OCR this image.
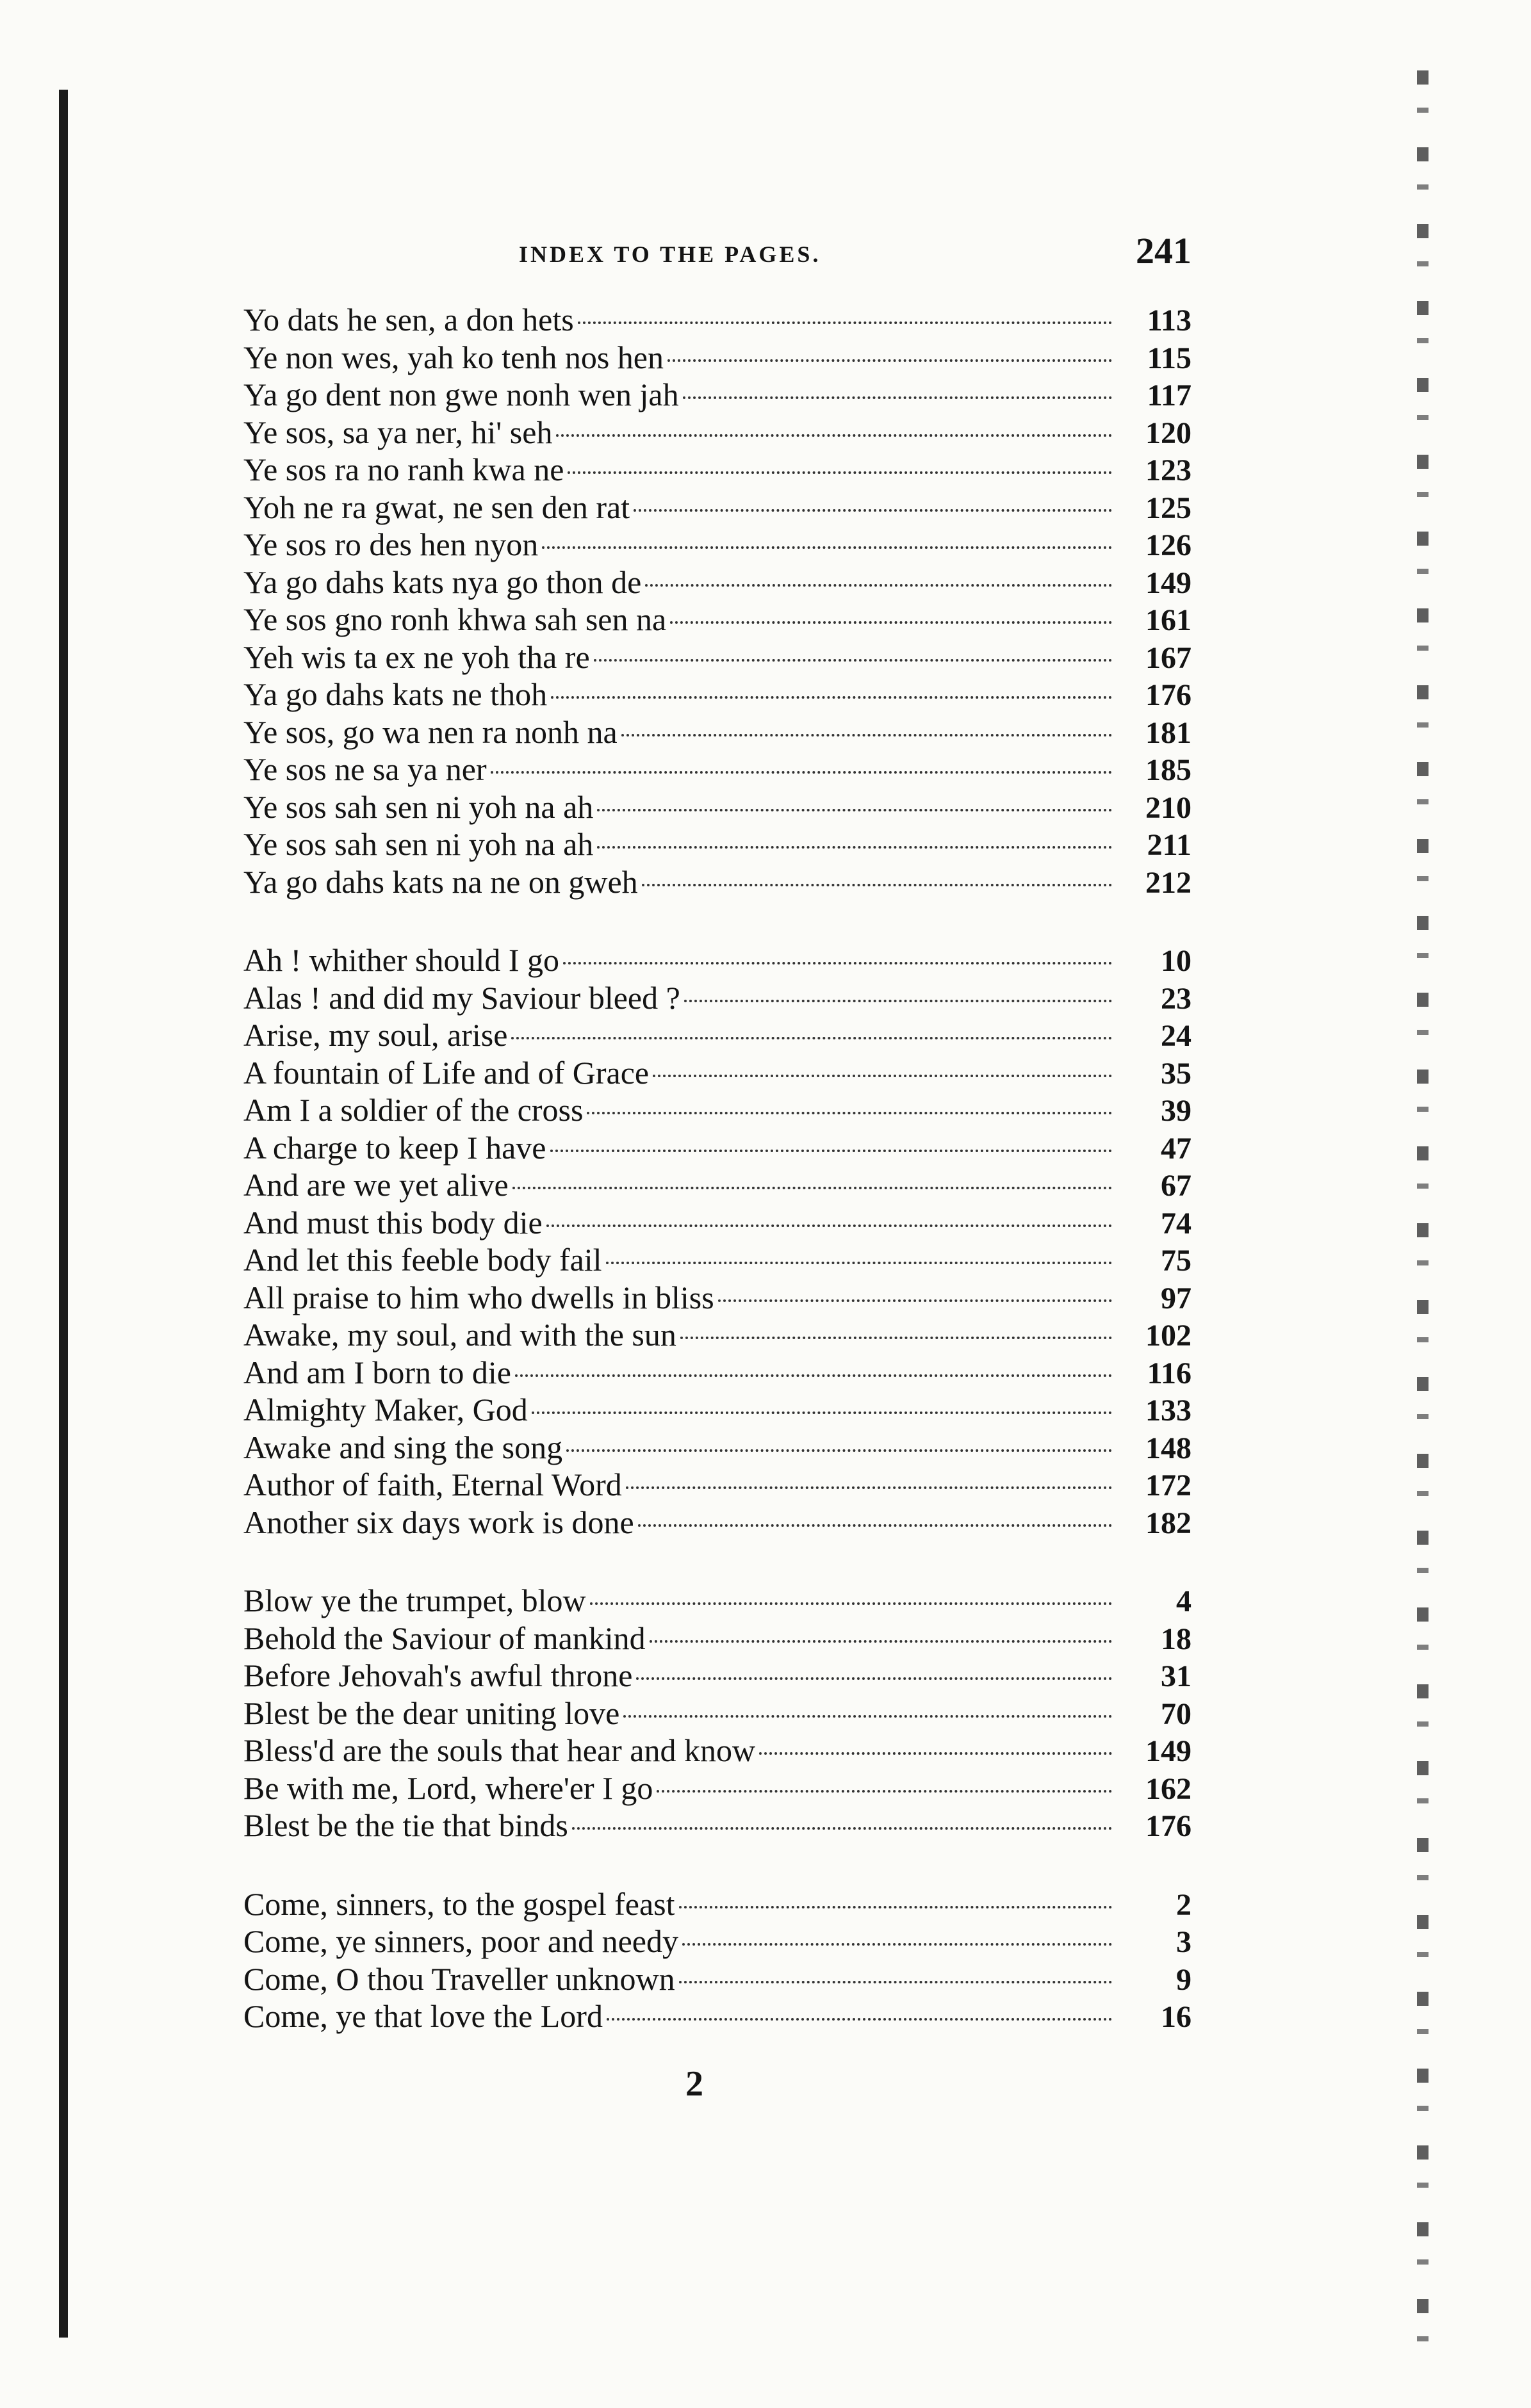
INDEX TO THE PAGES.	241
Yo dats he sen, a don hets	113
Ye non wes, yah ko tenh nos hen	115
Ya go dent non gwe nonh wen jah	117
Ye sos, sa ya ner, hi' seh	120
Ye sos ra no ranh kwa ne	123
Yoh ne ra gwat, ne sen den rat	125
Ye sos ro des hen nyon	126
Ya go dahs kats nya go thon de	149
Ye sos gno ronh khwa sah sen na	161
Yeh wis ta ex ne yoh tha re	167
Ya go dahs kats ne thoh	176
Ye sos, go wa nen ra nonh na	181
Ye sos ne sa ya ner	185
Ye sos sah sen ni yoh na ah	210
Ye sos sah sen ni yoh na ah	211
Ya go dahs kats na ne on gweh	212
Ah ! whither should I go	10
Alas ! and did my Saviour bleed ?	23
Arise, my soul, arise	24
A fountain of Life and of Grace	35
Am I a soldier of the cross	39
A charge to keep I have	47
And are we yet alive	67
And must this body die	74
And let this feeble body fail	75
All praise to him who dwells in bliss	97
Awake, my soul, and with the sun	102
And am I born to die	116
Almighty Maker, God	133
Awake and sing the song	148
Author of faith, Eternal Word	172
Another six days work is done	182
Blow ye the trumpet, blow	4
Behold the Saviour of mankind	18
Before Jehovah's awful throne	31
Blest be the dear uniting love	70
Bless'd are the souls that hear and know	149
Be with me, Lord, where'er I go	162
Blest be the tie that binds	176
Come, sinners, to the gospel feast	2
Come, ye sinners, poor and needy	3
Come, O thou Traveller unknown	9
Come, ye that love the Lord	16
2
